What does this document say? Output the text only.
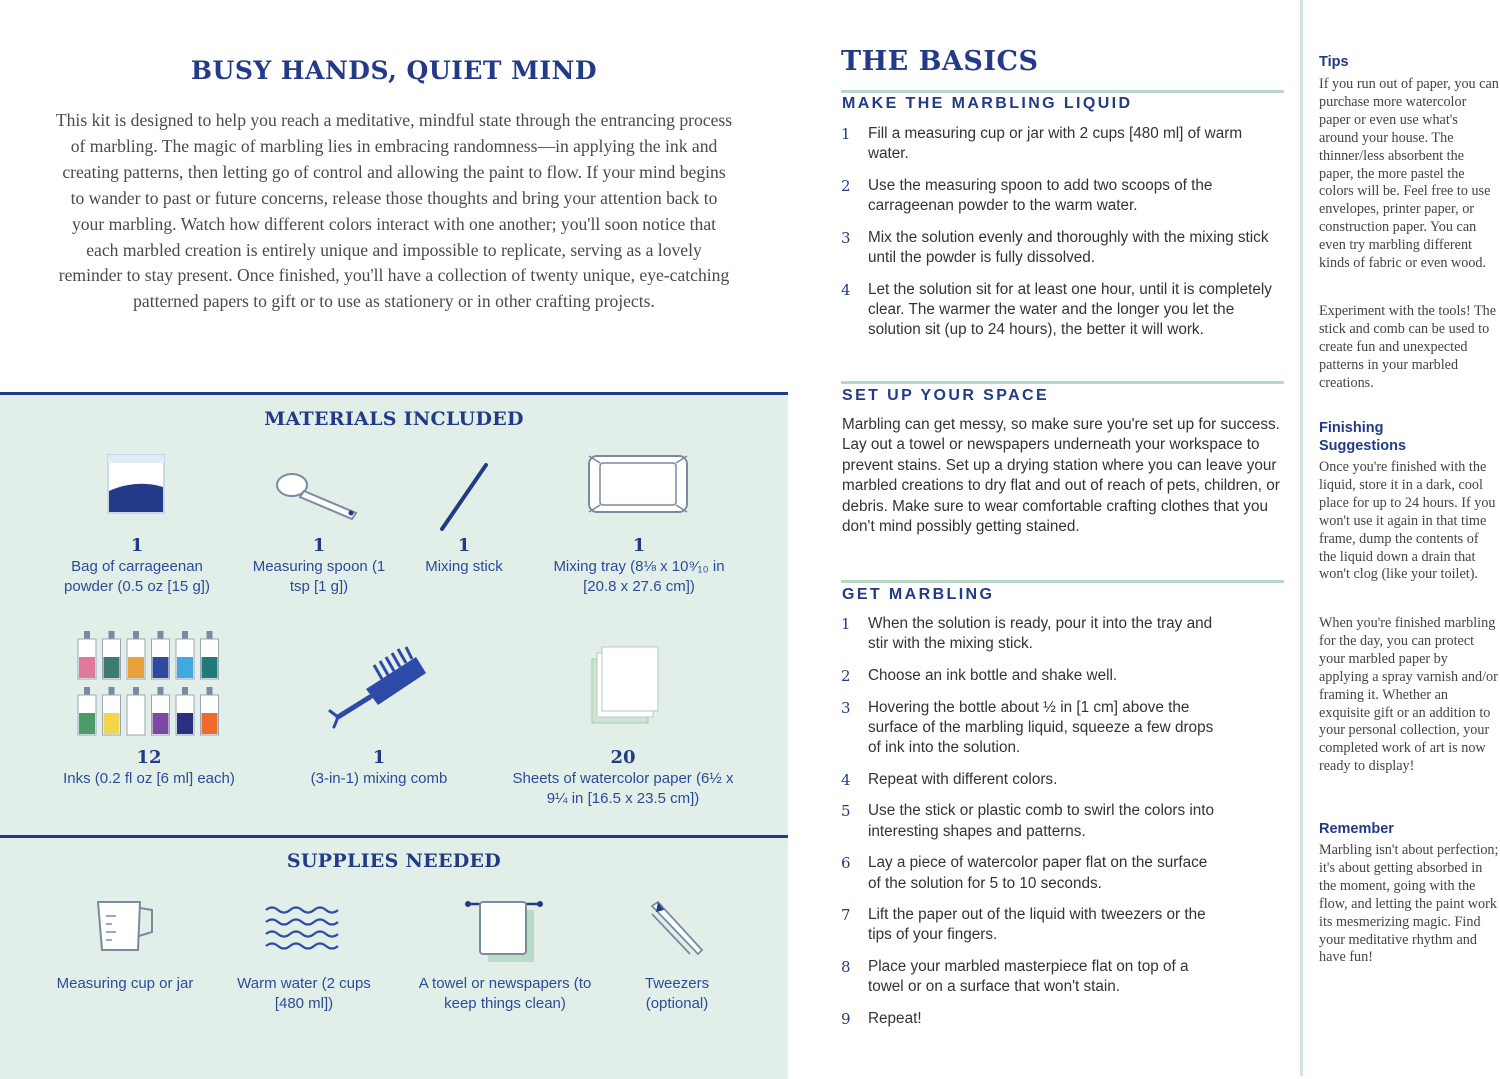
BUSY HANDS, QUIET MIND

This kit is designed to help you reach a meditative, mindful state through the entrancing process of marbling. The magic of marbling lies in embracing randomness—in applying the ink and creating patterns, then letting go of control and allowing the paint to flow. If your mind begins to wander to past or future concerns, release those thoughts and bring your attention back to your marbling. Watch how different colors interact with one another; you'll soon notice that each marbled creation is entirely unique and impossible to replicate, serving as a lovely reminder to stay present. Once finished, you'll have a collection of twenty unique, eye-catching patterned papers to gift or to use as stationery or in other crafting projects.

MATERIALS INCLUDED
1
Bag of carrageenan powder (0.5 oz [15 g])
1
Measuring spoon (1 tsp [1 g])
1
Mixing stick
1
Mixing tray (8⅛ x 10⁹⁄₁₀ in [20.8 x 27.6 cm])
12
Inks (0.2 fl oz [6 ml] each)
1
(3-in-1) mixing comb
20
Sheets of watercolor paper (6½ x 9¼ in [16.5 x 23.5 cm])
SUPPLIES NEEDED
Measuring cup or jar	Warm water (2 cups [480 ml])
A towel or newspapers (to keep things clean)
Tweezers (optional)
THE BASICS
MAKE THE MARBLING LIQUID
1 Fill a measuring cup or jar with 2 cups [480 ml] of warm water.
2 Use the measuring spoon to add two scoops of the carrageenan powder to the warm water.
3 Mix the solution evenly and thoroughly with the mixing stick until the powder is fully dissolved.
4 Let the solution sit for at least one hour, until it is completely clear. The warmer the water and the longer you let the solution sit (up to 24 hours), the better it will work.
SET UP YOUR SPACE

Marbling can get messy, so make sure you're set up for success. Lay out a towel or newspapers underneath your workspace to prevent stains. Set up a drying station where you can leave your marbled creations to dry flat and out of reach of pets, children, or debris. Make sure to wear comfortable crafting clothes that you don't mind possibly getting stained.

GET MARBLING
1 When the solution is ready, pour it into the tray and stir with the mixing stick.
2 Choose an ink bottle and shake well.
3 Hovering the bottle about ½ in [1 cm] above the surface of the marbling liquid, squeeze a few drops of ink into the solution.
4 Repeat with different colors.
5 Use the stick or plastic comb to swirl the colors into interesting shapes and patterns.
6 Lay a piece of watercolor paper flat on the surface of the solution for 5 to 10 seconds.
7 Lift the paper out of the liquid with tweezers or the tips of your fingers.
8 Place your marbled masterpiece flat on top of a towel or on a surface that won't stain.
9 Repeat!
Tips

If you run out of paper, you can purchase more watercolor paper or even use what's around your house. The thinner/less absorbent the paper, the more pastel the colors will be. Feel free to use envelopes, printer paper, or construction paper. You can even try marbling different kinds of fabric or even wood.

Experiment with the tools! The stick and comb can be used to create fun and unexpected patterns in your marbled creations.

Finishing Suggestions

Once you're finished with the liquid, store it in a dark, cool place for up to 24 hours. If you won't use it again in that time frame, dump the contents of the liquid down a drain that won't clog (like your toilet).

When you're finished marbling for the day, you can protect your marbled paper by applying a spray varnish and/or framing it. Whether an exquisite gift or an addition to your personal collection, your completed work of art is now ready to display!

Remember

Marbling isn't about perfection; it's about getting absorbed in the moment, going with the flow, and letting the paint work its mesmerizing magic. Find your meditative rhythm and have fun!
